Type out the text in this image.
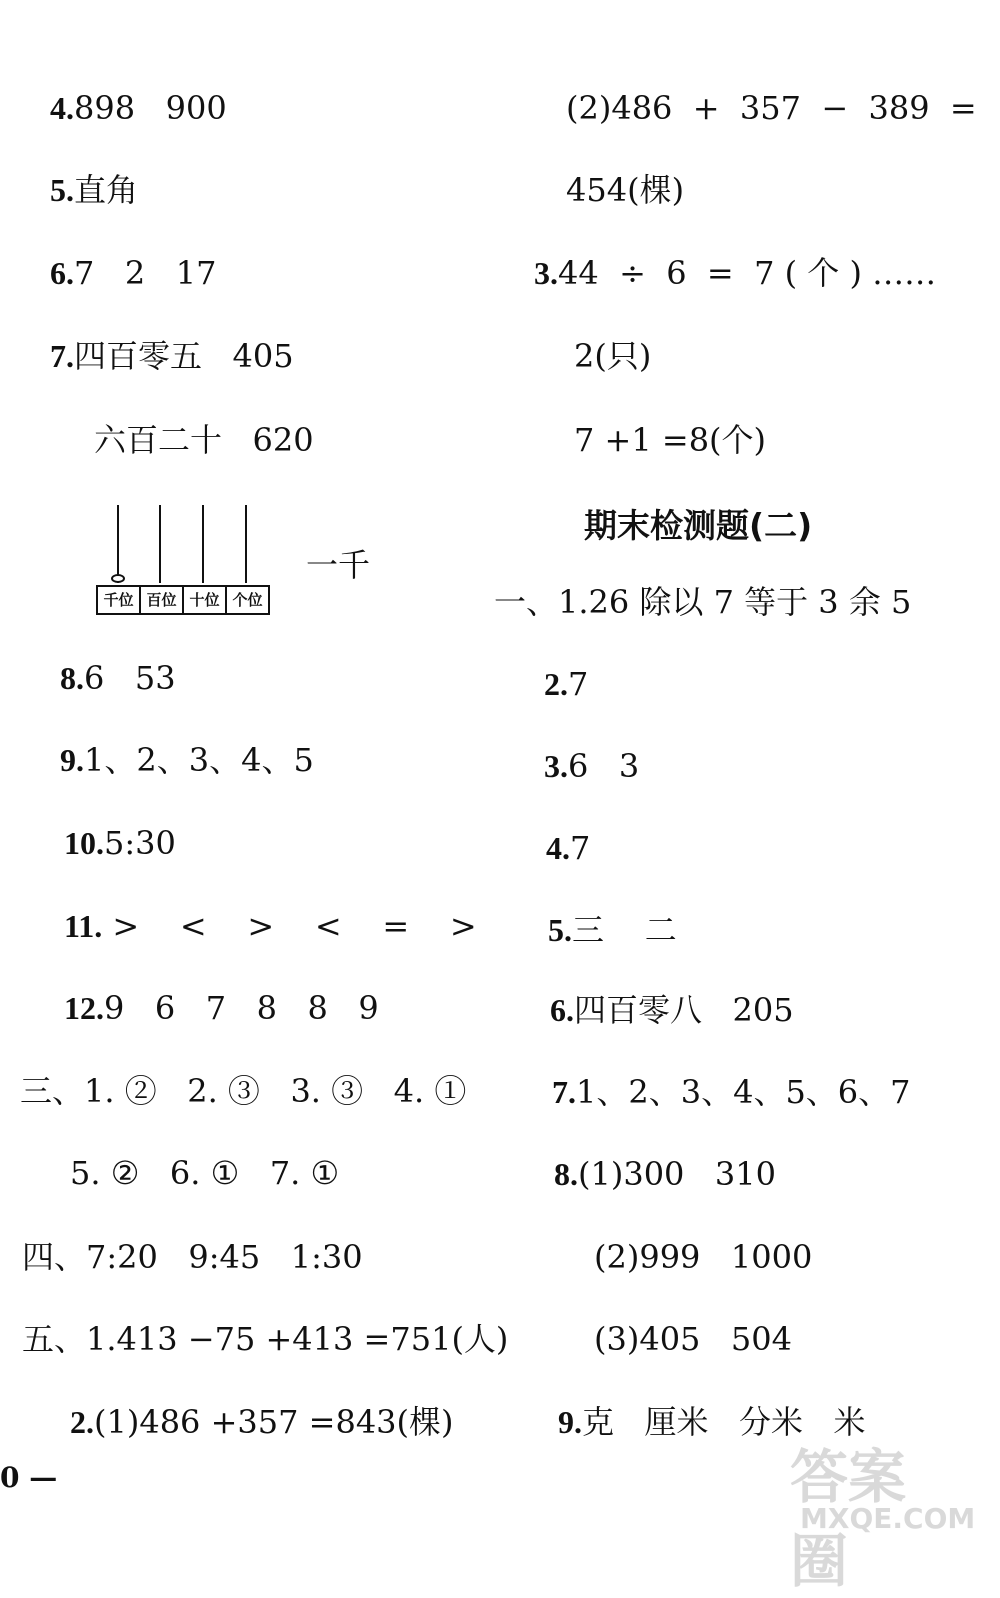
4.898   900
5.直角
6.7   2   17
7.四百零五   405
六百二十   620
千位 百位 十位 个位
一千
8.6   53
9.1、2、3、4、5
10.5:30
11. >    <    >    <    =    >
12.9   6   7   8   8   9
三、1. ②   2. ③   3. ③   4. ①
5. ②   6. ①   7. ①
四、7:20   9:45   1:30
五、1.413 −75 +413 =751(人)
2.(1)486 +357 =843(棵)
(2)486  +  357  −  389  =
454(棵)
3.44  ÷  6  =  7 ( 个 ) ……
2(只)
7 +1 =8(个)
期末检测题(二)
一、1.26 除以 7 等于 3 余 5
2.7
3.6   3
4.7
5.三    二
6.四百零八   205
7.1、2、3、4、5、6、7
8.(1)300   310
(2)999   1000
(3)405   504
9.克   厘米   分米   米
0 —	答案圈
MXQE.COM
